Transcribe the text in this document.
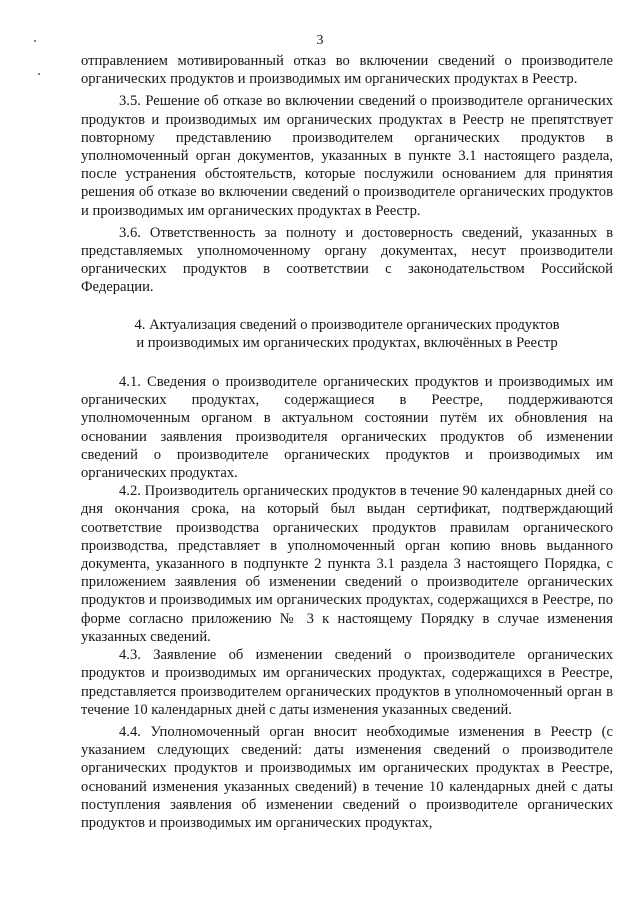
3

отправлением мотивированный отказ во включении сведений о производителе органических продуктов и производимых им органических продуктах в Реестр.

3.5. Решение об отказе во включении сведений о производителе органических продуктов и производимых им органических продуктах в Реестр не препятствует повторному представлению производителем органических продуктов в уполномоченный орган документов, указанных в пункте 3.1 настоящего раздела, после устранения обстоятельств, которые послужили основанием для принятия решения об отказе во включении сведений о производителе органических продуктов и производимых им органических продуктах в Реестр.

3.6. Ответственность за полноту и достоверность сведений, указанных в представляемых уполномоченному органу документах, несут производители органических продуктов в соответствии с законодательством Российской Федерации.

4. Актуализация сведений о производителе органических продуктов
и производимых им органических продуктах, включённых в Реестр

4.1. Сведения о производителе органических продуктов и производимых им органических продуктах, содержащиеся в Реестре, поддерживаются уполномоченным органом в актуальном состоянии путём их обновления на основании заявления производителя органических продуктов об изменении сведений о производителе органических продуктов и производимых им органических продуктах.

4.2. Производитель органических продуктов в течение 90 календарных дней со дня окончания срока, на который был выдан сертификат, подтверждающий соответствие производства органических продуктов правилам органического производства, представляет в уполномоченный орган копию вновь выданного документа, указанного в подпункте 2 пункта 3.1 раздела 3 настоящего Порядка, с приложением заявления об изменении сведений о производителе органических продуктов и производимых им органических продуктах, содержащихся в Реестре, по форме согласно приложению № 3 к настоящему Порядку в случае изменения указанных сведений.

4.3. Заявление об изменении сведений о производителе органических продуктов и производимых им органических продуктах, содержащихся в Реестре, представляется производителем органических продуктов в уполномоченный орган в течение 10 календарных дней с даты изменения указанных сведений.

4.4. Уполномоченный орган вносит необходимые изменения в Реестр (с указанием следующих сведений: даты изменения сведений о производителе органических продуктов и производимых им органических продуктах в Реестре, оснований изменения указанных сведений) в течение 10 календарных дней с даты поступления заявления об изменении сведений о производителе органических продуктов и производимых им органических продуктах,
